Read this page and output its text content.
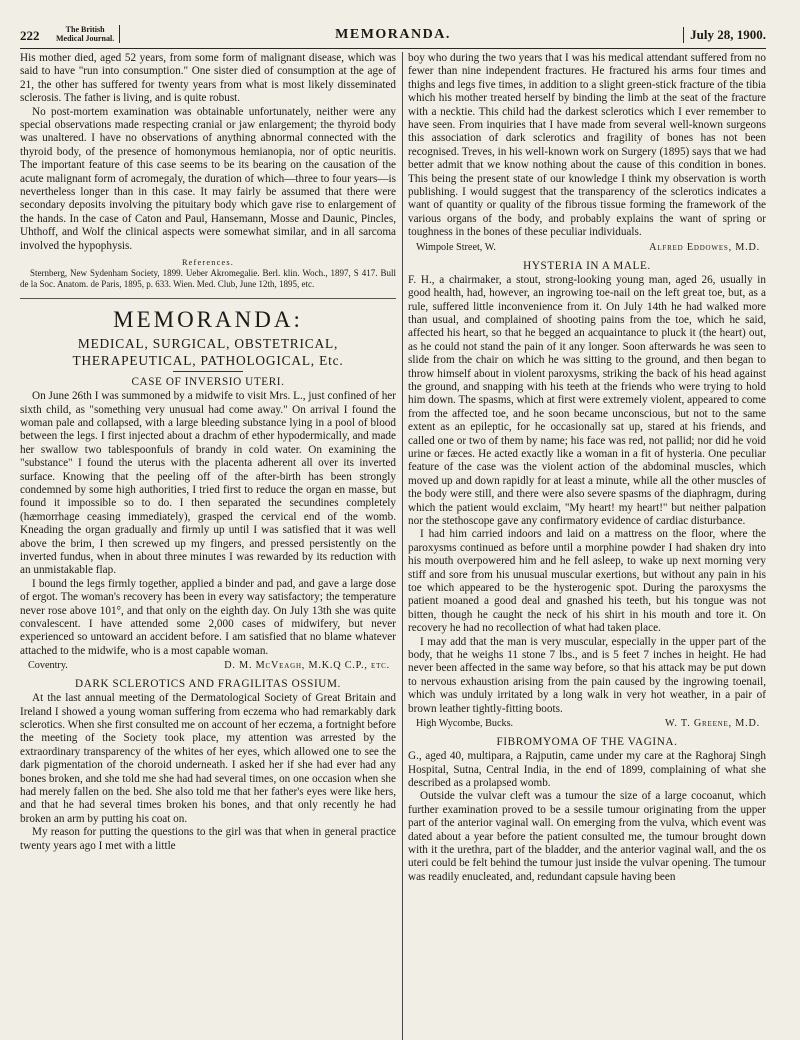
222	The British
Medical Journal.	MEMORANDA.	July 28, 1900.

His mother died, aged 52 years, from some form of malignant disease, which was said to have "run into consumption." One sister died of consumption at the age of 21, the other has suffered for twenty years from what is most likely disseminated sclerosis. The father is living, and is quite robust.

No post-mortem examination was obtainable unfortunately, neither were any special observations made respecting cranial or jaw enlargement; the thyroid body was unaltered. I have no observations of anything abnormal connected with the thyroid body, of the presence of homonymous hemianopia, nor of optic neuritis. The important feature of this case seems to be its bearing on the causation of the acute malignant form of acromegaly, the duration of which—three to four years—is nevertheless longer than in this case. It may fairly be assumed that there were secondary deposits involving the pituitary body which gave rise to enlargement of the hands. In the case of Caton and Paul, Hansemann, Mosse and Daunic, Pincles, Uhthoff, and Wolf the clinical aspects were somewhat similar, and in all sarcoma involved the hypophysis.

References.
Sternberg, New Sydenham Society, 1899. Ueber Akromegalie. Berl. klin. Woch., 1897, S 417. Bull de la Soc. Anatom. de Paris, 1895, p. 633. Wien. Med. Club, June 12th, 1895, etc.
MEMORANDA:
MEDICAL, SURGICAL, OBSTETRICAL, THERAPEUTICAL, PATHOLOGICAL, Etc.
CASE OF INVERSIO UTERI.

On June 26th I was summoned by a midwife to visit Mrs. L., just confined of her sixth child, as "something very unusual had come away." On arrival I found the woman pale and collapsed, with a large bleeding substance lying in a pool of blood between the legs. I first injected about a drachm of ether hypodermically, and made her swallow two tablespoonfuls of brandy in cold water. On examining the "substance" I found the uterus with the placenta adherent all over its inverted surface. Knowing that the peeling off of the after-birth has been strongly condemned by some high authorities, I tried first to reduce the organ en masse, but found it impossible so to do. I then separated the secundines completely (hæmorrhage ceasing immediately), grasped the cervical end of the womb. Kneading the organ gradually and firmly up until I was satisfied that it was well above the brim, I then screwed up my fingers, and pressed persistently on the inverted fundus, when in about three minutes I was rewarded by its reduction with an unmistakable flap.

I bound the legs firmly together, applied a binder and pad, and gave a large dose of ergot. The woman's recovery has been in every way satisfactory; the temperature never rose above 101°, and that only on the eighth day. On July 13th she was quite convalescent. I have attended some 2,000 cases of midwifery, but never experienced so untoward an accident before. I am satisfied that no blame whatever attached to the midwife, who is a most capable woman.

Coventry.	D. M. McVeagh, M.K.Q C.P., etc.
DARK SCLEROTICS AND FRAGILITAS OSSIUM.

At the last annual meeting of the Dermatological Society of Great Britain and Ireland I showed a young woman suffering from eczema who had remarkably dark sclerotics. When she first consulted me on account of her eczema, a fortnight before the meeting of the Society took place, my attention was arrested by the extraordinary transparency of the whites of her eyes, which allowed one to see the dark pigmentation of the choroid underneath. I asked her if she had ever had any bones broken, and she told me she had had several times, on one occasion when she had merely fallen on the bed. She also told me that her father's eyes were like hers, and that he had several times broken his bones, and that only recently he had broken an arm by putting his coat on.

My reason for putting the questions to the girl was that when in general practice twenty years ago I met with a little

boy who during the two years that I was his medical attendant suffered from no fewer than nine independent fractures. He fractured his arms four times and thighs and legs five times, in addition to a slight green-stick fracture of the tibia which his mother treated herself by binding the limb at the seat of the fracture with a necktie. This child had the darkest sclerotics which I ever remember to have seen. From inquiries that I have made from several well-known surgeons this association of dark sclerotics and fragility of bones has not been recognised. Treves, in his well-known work on Surgery (1895) says that we had better admit that we know nothing about the cause of this condition in bones. This being the present state of our knowledge I think my observation is worth publishing. I would suggest that the transparency of the sclerotics indicates a want of quantity or quality of the fibrous tissue forming the framework of the various organs of the body, and probably explains the want of spring or toughness in the bones of these peculiar individuals.

Wimpole Street, W.	Alfred Eddowes, M.D.
HYSTERIA IN A MALE.

F. H., a chairmaker, a stout, strong-looking young man, aged 26, usually in good health, had, however, an ingrowing toe-nail on the left great toe, but, as a rule, suffered little inconvenience from it. On July 14th he had walked more than usual, and complained of shooting pains from the toe, which he said, affected his heart, so that he begged an acquaintance to pluck it (the heart) out, as he could not stand the pain of it any longer. Soon afterwards he was seen to slide from the chair on which he was sitting to the ground, and then began to throw himself about in violent paroxysms, striking the back of his head against the ground, and snapping with his teeth at the friends who were trying to hold him down. The spasms, which at first were extremely violent, appeared to come from the affected toe, and he soon became unconscious, but not to the same extent as an epileptic, for he occasionally sat up, stared at his friends, and called one or two of them by name; his face was red, not pallid; nor did he void urine or fæces. He acted exactly like a woman in a fit of hysteria. One peculiar feature of the case was the violent action of the abdominal muscles, which moved up and down rapidly for at least a minute, while all the other muscles of the body were still, and there were also severe spasms of the diaphragm, during which the patient would exclaim, "My heart! my heart!" but neither palpation nor the stethoscope gave any confirmatory evidence of cardiac disturbance.

I had him carried indoors and laid on a mattress on the floor, where the paroxysms continued as before until a morphine powder I had shaken dry into his mouth overpowered him and he fell asleep, to wake up next morning very stiff and sore from his unusual muscular exertions, but without any pain in his toe which appeared to be the hysterogenic spot. During the paroxysms the patient moaned a good deal and gnashed his teeth, but his tongue was not bitten, though he caught the neck of his shirt in his mouth and tore it. On recovery he had no recollection of what had taken place.

I may add that the man is very muscular, especially in the upper part of the body, that he weighs 11 stone 7 lbs., and is 5 feet 7 inches in height. He had never been affected in the same way before, so that his attack may be put down to nervous exhaustion arising from the pain caused by the ingrowing toenail, which was unduly irritated by a long walk in very hot weather, in a pair of brown leather tightly-fitting boots.

High Wycombe, Bucks.	W. T. Greene, M.D.
FIBROMYOMA OF THE VAGINA.

G., aged 40, multipara, a Rajputin, came under my care at the Raghoraj Singh Hospital, Sutna, Central India, in the end of 1899, complaining of what she described as a prolapsed womb.

Outside the vulvar cleft was a tumour the size of a large cocoanut, which further examination proved to be a sessile tumour originating from the upper part of the anterior vaginal wall. On emerging from the vulva, which event was dated about a year before the patient consulted me, the tumour brought down with it the urethra, part of the bladder, and the anterior vaginal wall, and the os uteri could be felt behind the tumour just inside the vulvar opening. The tumour was readily enucleated, and, redundant capsule having been
